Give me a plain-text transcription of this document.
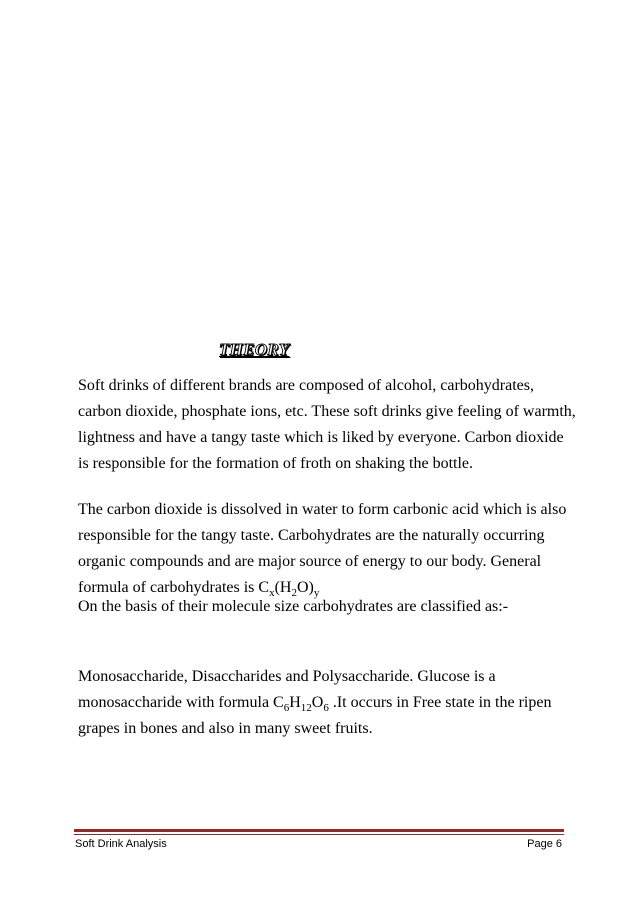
THEORY

Soft drinks of different brands are composed of alcohol, carbohydrates, carbon dioxide, phosphate ions, etc. These soft drinks give feeling of warmth, lightness and have a tangy taste which is liked by everyone. Carbon dioxide is responsible for the formation of froth on shaking the bottle.

The carbon dioxide is dissolved in water to form carbonic acid which is also responsible for the tangy taste. Carbohydrates are the naturally occurring organic compounds and are major source of energy to our body. General formula of carbohydrates is $C_x(H_2O)_y$

On the basis of their molecule size carbohydrates are classified as:-

Monosaccharide, Disaccharides and Polysaccharide. Glucose is a monosaccharide with formula $C_6H_{12}O_6$ .It occurs in Free state in the ripen grapes in bones and also in many sweet fruits.

Soft Drink Analysis	Page 6
